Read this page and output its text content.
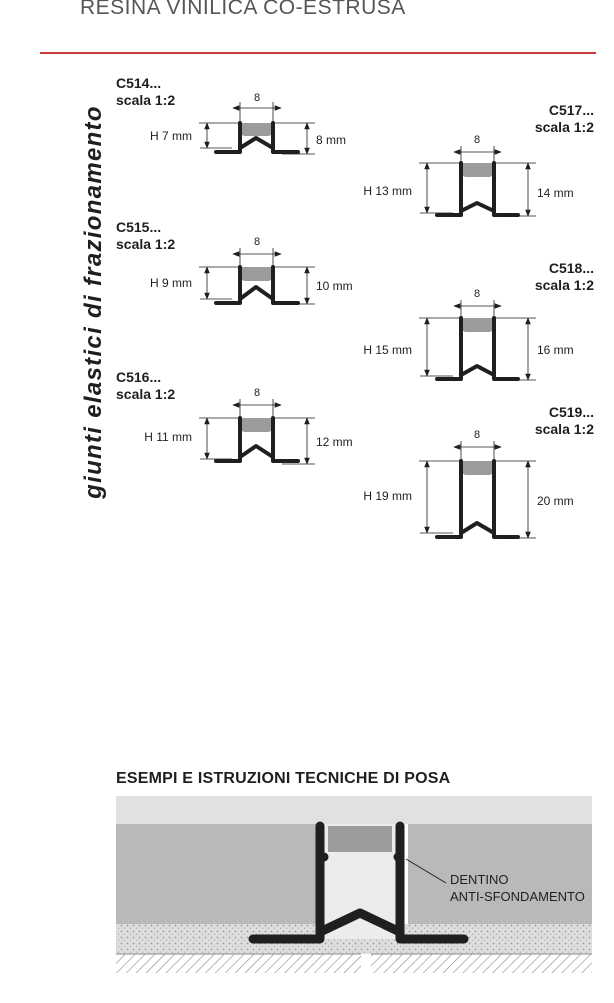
RESINA VINILICA CO-ESTRUSA
giunti elastici di frazionamento
C514...
scala 1:2
C515...
scala 1:2
C516...
scala 1:2
C517...
scala 1:2
C518...
scala 1:2
C519...
scala 1:2
8
H 7 mm	8 mm
8
H 9 mm	10 mm
8
H 11 mm	12 mm
8
H 13 mm	14 mm
8
H 15 mm	16 mm
8
H 19 mm	20 mm
ESEMPI E ISTRUZIONI TECNICHE DI POSA
DENTINO
ANTI-SFONDAMENTO
